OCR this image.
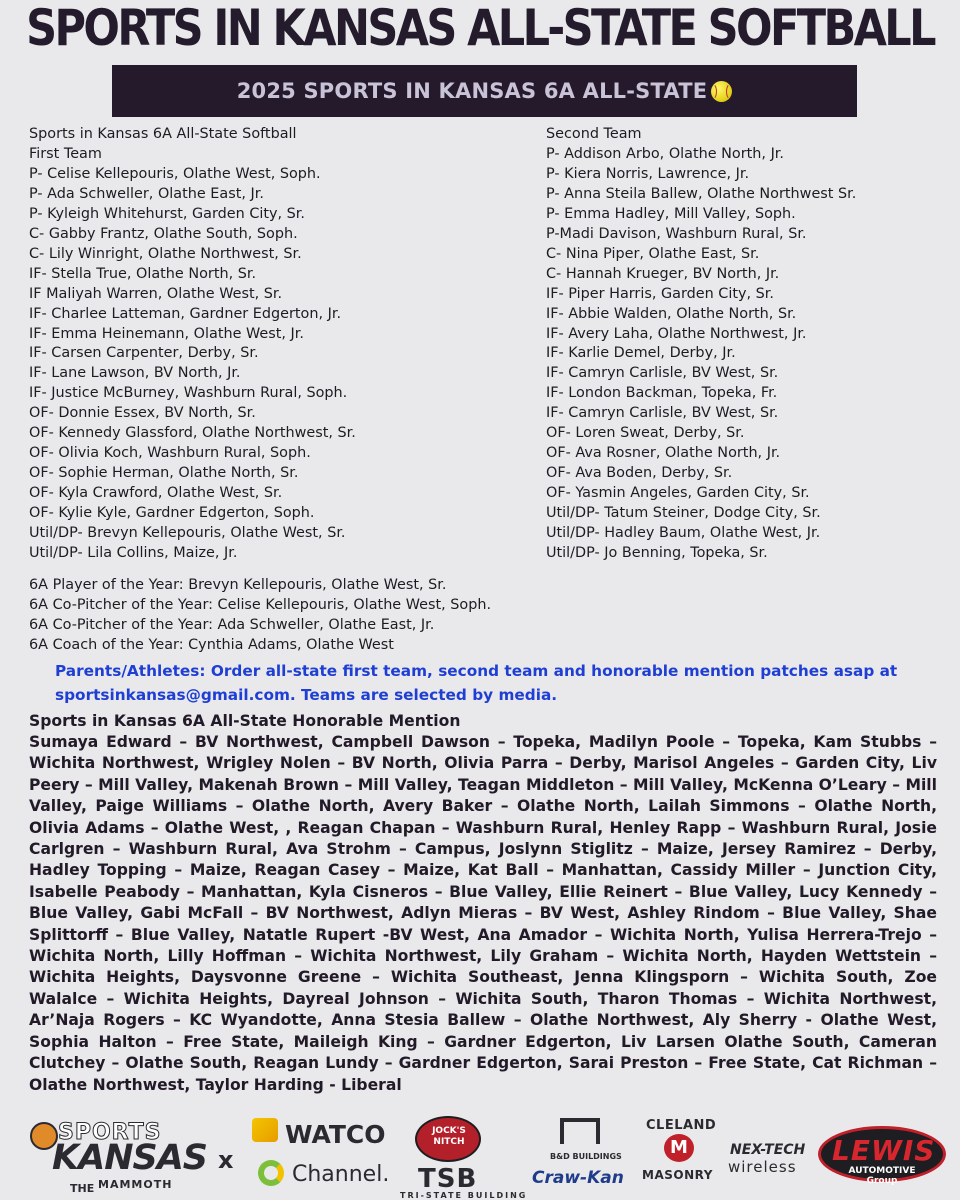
SPORTS IN KANSAS ALL-STATE SOFTBALL
2025 SPORTS IN KANSAS 6A ALL-STATE
Sports in Kansas 6A All-State Softball
First Team
P- Celise Kellepouris, Olathe West, Soph.
P- Ada Schweller, Olathe East, Jr.
P- Kyleigh Whitehurst, Garden City, Sr.
C- Gabby Frantz, Olathe South, Soph.
C- Lily Winright, Olathe Northwest, Sr.
IF- Stella True, Olathe North, Sr.
IF Maliyah Warren, Olathe West, Sr.
IF- Charlee Latteman, Gardner Edgerton, Jr.
IF- Emma Heinemann, Olathe West, Jr.
IF- Carsen Carpenter, Derby, Sr.
IF- Lane Lawson, BV North, Jr.
IF- Justice McBurney, Washburn Rural, Soph.
OF- Donnie Essex, BV North, Sr.
OF- Kennedy Glassford, Olathe Northwest, Sr.
OF- Olivia Koch, Washburn Rural, Soph.
OF- Sophie Herman, Olathe North, Sr.
OF- Kyla Crawford, Olathe West, Sr.
OF- Kylie Kyle, Gardner Edgerton, Soph.
Util/DP- Brevyn Kellepouris, Olathe West, Sr.
Util/DP- Lila Collins, Maize, Jr.
Second Team
P- Addison Arbo, Olathe North, Jr.
P- Kiera Norris, Lawrence, Jr.
P- Anna Steila Ballew, Olathe Northwest Sr.
P- Emma Hadley, Mill Valley, Soph.
P-Madi Davison, Washburn Rural, Sr.
C- Nina Piper, Olathe East, Sr.
C- Hannah Krueger, BV North, Jr.
IF- Piper Harris, Garden City, Sr.
IF- Abbie Walden, Olathe North, Sr.
IF- Avery Laha, Olathe Northwest, Jr.
IF- Karlie Demel, Derby, Jr.
IF- Camryn Carlisle, BV West, Sr.
IF- London Backman, Topeka, Fr.
IF- Camryn Carlisle, BV West, Sr.
OF- Loren Sweat, Derby, Sr.
OF- Ava Rosner, Olathe North, Jr.
OF- Ava Boden, Derby, Sr.
OF- Yasmin Angeles, Garden City, Sr.
Util/DP- Tatum Steiner, Dodge City, Sr.
Util/DP- Hadley Baum, Olathe West, Jr.
Util/DP- Jo Benning, Topeka, Sr.
6A Player of the Year: Brevyn Kellepouris, Olathe West, Sr.
6A Co-Pitcher of the Year: Celise Kellepouris, Olathe West, Soph.
6A Co-Pitcher of the Year: Ada Schweller, Olathe East, Jr.
6A Coach of the Year: Cynthia Adams, Olathe West
Parents/Athletes: Order all-state first team, second team and honorable mention patches asap at sportsinkansas@gmail.com. Teams are selected by media.
Sports in Kansas 6A All-State Honorable Mention
Sumaya Edward – BV Northwest, Campbell Dawson – Topeka, Madilyn Poole – Topeka, Kam Stubbs – Wichita Northwest, Wrigley Nolen – BV North, Olivia Parra – Derby, Marisol Angeles – Garden City, Liv Peery – Mill Valley, Makenah Brown – Mill Valley, Teagan Middleton – Mill Valley, McKenna O’Leary – Mill Valley, Paige Williams – Olathe North, Avery Baker – Olathe North, Lailah Simmons – Olathe North, Olivia Adams – Olathe West, , Reagan Chapan – Washburn Rural, Henley Rapp – Washburn Rural, Josie Carlgren – Washburn Rural, Ava Strohm – Campus, Joslynn Stiglitz – Maize, Jersey Ramirez – Derby, Hadley Topping – Maize, Reagan Casey – Maize, Kat Ball – Manhattan, Cassidy Miller – Junction City, Isabelle Peabody – Manhattan, Kyla Cisneros – Blue Valley, Ellie Reinert – Blue Valley, Lucy Kennedy – Blue Valley, Gabi McFall – BV Northwest, Adlyn Mieras – BV West, Ashley Rindom – Blue Valley, Shae Splittorff – Blue Valley, Natatle Rupert -BV West, Ana Amador – Wichita North, Yulisa Herrera-Trejo – Wichita North, Lilly Hoffman – Wichita Northwest, Lily Graham – Wichita North, Hayden Wettstein – Wichita Heights, Daysvonne Greene – Wichita Southeast, Jenna Klingsporn – Wichita South, Zoe Walalce – Wichita Heights, Dayreal Johnson – Wichita South, Tharon Thomas – Wichita Northwest, Ar’Naja Rogers – KC Wyandotte, Anna Stesia Ballew – Olathe Northwest, Aly Sherry - Olathe West, Sophia Halton – Free State, Maileigh King – Gardner Edgerton, Liv Larsen Olathe South, Cameran Clutchey – Olathe South, Reagan Lundy – Gardner Edgerton, Sarai Preston – Free State, Cat Richman – Olathe Northwest, Taylor Harding - Liberal
SPORTS
KANSAS
THE MAMMOTH
x
WATCO
Channel.
JOCK'S NITCH
TSB
TRI-STATE BUILDING
B&D BUILDINGS
Craw-Kan
CLELAND
M
MASONRY
NEX-TECH
wireless LEWIS
AUTOMOTIVE Group
